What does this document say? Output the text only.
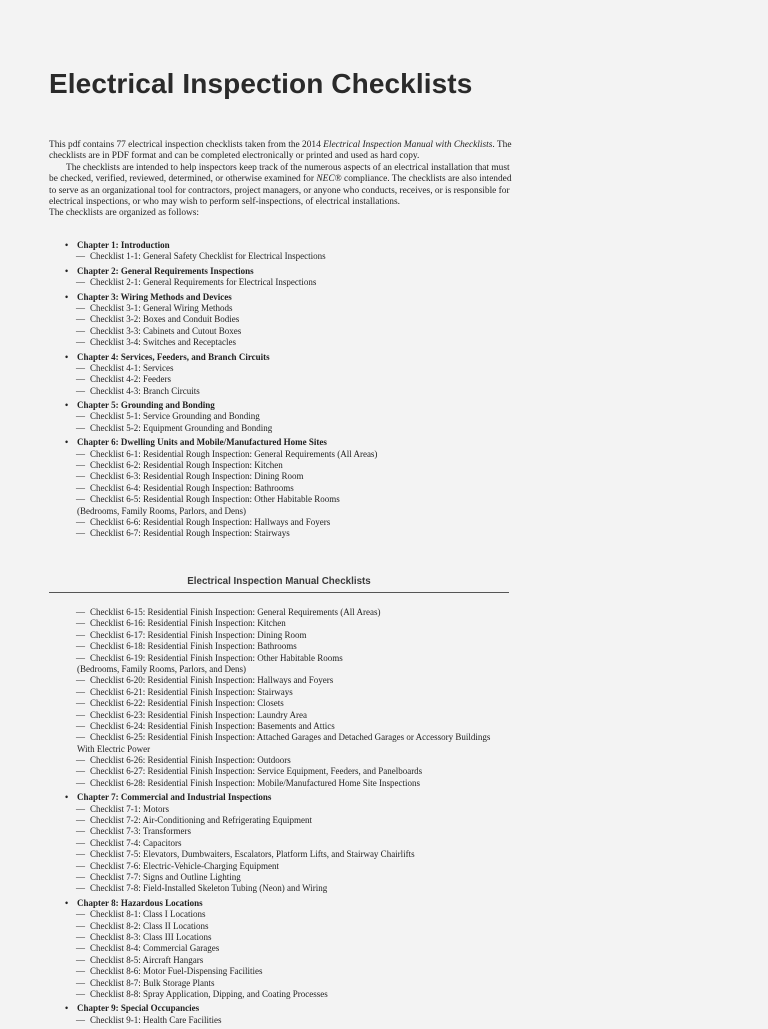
Electrical Inspection Checklists

This pdf contains 77 electrical inspection checklists taken from the 2014 Electrical Inspection Manual with Checklists. The checklists are in PDF format and can be completed electronically or printed and used as hard copy.

The checklists are intended to help inspectors keep track of the numerous aspects of an electrical installation that must be checked, verified, reviewed, determined, or otherwise examined for NEC® compliance. The checklists are also intended to serve as an organizational tool for contractors, project managers, or anyone who conducts, receives, or is responsible for electrical inspections, or who may wish to perform self-inspections, of electrical installations.

The checklists are organized as follows:

• Chapter 1: Introduction
— Checklist 1-1: General Safety Checklist for Electrical Inspections
• Chapter 2: General Requirements Inspections
— Checklist 2-1: General Requirements for Electrical Inspections
• Chapter 3: Wiring Methods and Devices
— Checklist 3-1: General Wiring Methods
— Checklist 3-2: Boxes and Conduit Bodies
— Checklist 3-3: Cabinets and Cutout Boxes
— Checklist 3-4: Switches and Receptacles
• Chapter 4: Services, Feeders, and Branch Circuits
— Checklist 4-1: Services
— Checklist 4-2: Feeders
— Checklist 4-3: Branch Circuits
• Chapter 5: Grounding and Bonding
— Checklist 5-1: Service Grounding and Bonding
— Checklist 5-2: Equipment Grounding and Bonding
• Chapter 6: Dwelling Units and Mobile/Manufactured Home Sites
— Checklist 6-1: Residential Rough Inspection: General Requirements (All Areas)
— Checklist 6-2: Residential Rough Inspection: Kitchen
— Checklist 6-3: Residential Rough Inspection: Dining Room
— Checklist 6-4: Residential Rough Inspection: Bathrooms
— Checklist 6-5: Residential Rough Inspection: Other Habitable Rooms
(Bedrooms, Family Rooms, Parlors, and Dens)
— Checklist 6-6: Residential Rough Inspection: Hallways and Foyers
— Checklist 6-7: Residential Rough Inspection: Stairways
Electrical Inspection Manual Checklists
— Checklist 6-15: Residential Finish Inspection: General Requirements (All Areas)
— Checklist 6-16: Residential Finish Inspection: Kitchen
— Checklist 6-17: Residential Finish Inspection: Dining Room
— Checklist 6-18: Residential Finish Inspection: Bathrooms
— Checklist 6-19: Residential Finish Inspection: Other Habitable Rooms
(Bedrooms, Family Rooms, Parlors, and Dens)
— Checklist 6-20: Residential Finish Inspection: Hallways and Foyers
— Checklist 6-21: Residential Finish Inspection: Stairways
— Checklist 6-22: Residential Finish Inspection: Closets
— Checklist 6-23: Residential Finish Inspection: Laundry Area
— Checklist 6-24: Residential Finish Inspection: Basements and Attics
— Checklist 6-25: Residential Finish Inspection: Attached Garages and Detached Garages or Accessory Buildings
With Electric Power
— Checklist 6-26: Residential Finish Inspection: Outdoors
— Checklist 6-27: Residential Finish Inspection: Service Equipment, Feeders, and Panelboards
— Checklist 6-28: Residential Finish Inspection: Mobile/Manufactured Home Site Inspections
• Chapter 7: Commercial and Industrial Inspections
— Checklist 7-1: Motors
— Checklist 7-2: Air-Conditioning and Refrigerating Equipment
— Checklist 7-3: Transformers
— Checklist 7-4: Capacitors
— Checklist 7-5: Elevators, Dumbwaiters, Escalators, Platform Lifts, and Stairway Chairlifts
— Checklist 7-6: Electric-Vehicle-Charging Equipment
— Checklist 7-7: Signs and Outline Lighting
— Checklist 7-8: Field-Installed Skeleton Tubing (Neon) and Wiring
• Chapter 8: Hazardous Locations
— Checklist 8-1: Class I Locations
— Checklist 8-2: Class II Locations
— Checklist 8-3: Class III Locations
— Checklist 8-4: Commercial Garages
— Checklist 8-5: Aircraft Hangars
— Checklist 8-6: Motor Fuel-Dispensing Facilities
— Checklist 8-7: Bulk Storage Plants
— Checklist 8-8: Spray Application, Dipping, and Coating Processes
• Chapter 9: Special Occupancies
— Checklist 9-1: Health Care Facilities
